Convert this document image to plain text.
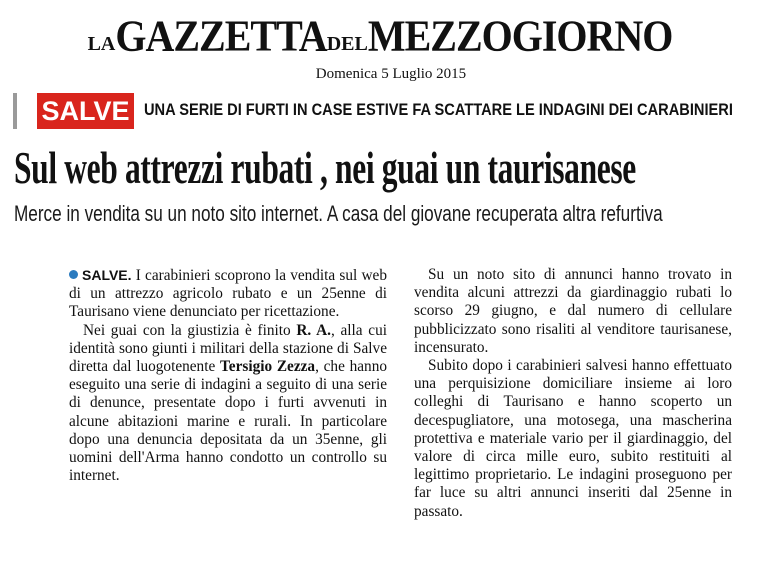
LA GAZZETTA DEL MEZZOGIORNO
Domenica 5 Luglio 2015
SALVE UNA SERIE DI FURTI IN CASE ESTIVE FA SCATTARE LE INDAGINI DEI CARABINIERI
Sul web attrezzi rubati , nei guai un taurisanese
Merce in vendita su un noto sito internet. A casa del giovane recuperata altra refurtiva

SALVE. I carabinieri scoprono la vendita sul web di un attrezzo agricolo rubato e un 25enne di Taurisano viene denunciato per ricettazione.

Nei guai con la giustizia è finito R. A., alla cui identità sono giunti i militari della stazione di Salve diretta dal luogotenente Tersigio Zezza, che hanno eseguito una serie di indagini a seguito di una serie di denunce, presentate dopo i furti avvenuti in alcune abitazioni marine e rurali. In particolare dopo una denuncia depositata da un 35enne, gli uomini dell'Arma hanno condotto un controllo su internet.

Su un noto sito di annunci hanno trovato in vendita alcuni attrezzi da giardinaggio rubati lo scorso 29 giugno, e dal numero di cellulare pubblicizzato sono risaliti al venditore taurisanese, incensurato.

Subito dopo i carabinieri salvesi hanno effettuato una perquisizione domiciliare insieme ai loro colleghi di Taurisano e hanno scoperto un decespugliatore, una motosega, una mascherina protettiva e materiale vario per il giardinaggio, del valore di circa mille euro, subito restituiti al legittimo proprietario. Le indagini proseguono per far luce su altri annunci inseriti dal 25enne in passato.
